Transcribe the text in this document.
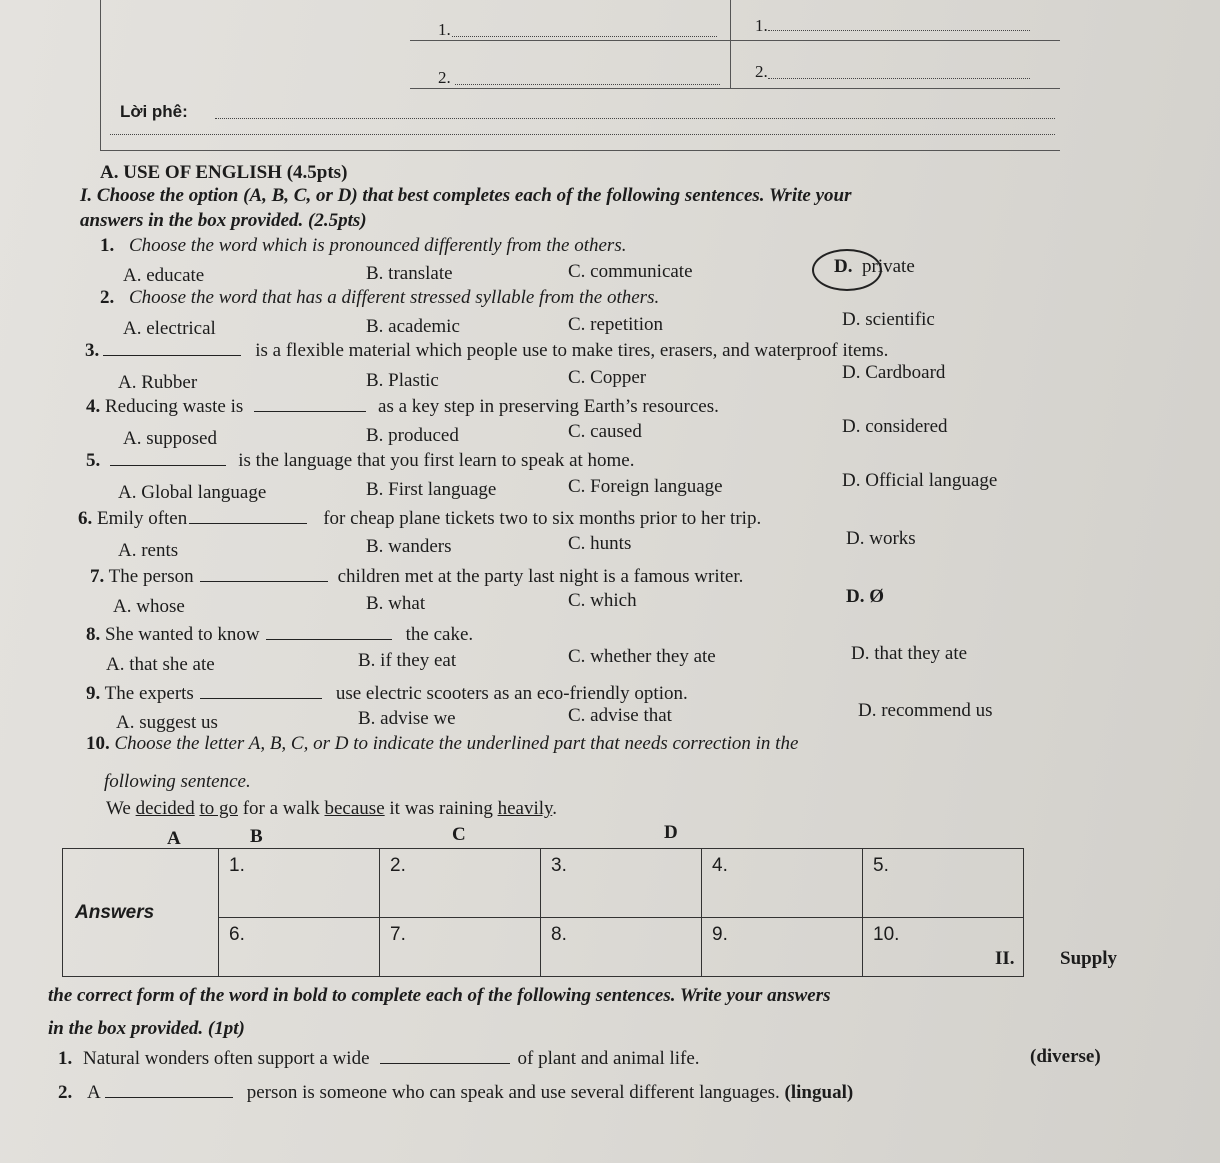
1.	1.
2.	2.
Lời phê:
A. USE OF ENGLISH (4.5pts)
I. Choose the option (A, B, C, or D) that best completes each of the following sentences. Write your
answers in the box provided. (2.5pts)
1. Choose the word which is pronounced differently from the others.
A. educate	B. translate	C. communicate	D. private
2. Choose the word that has a different stressed syllable from the others.
A. electrical	B. academic	C. repetition	D. scientific
3.	is a flexible material which people use to make tires, erasers, and waterproof items.
A. Rubber	B. Plastic	C. Copper	D. Cardboard
4. Reducing waste is	as a key step in preserving Earth’s resources.
A. supposed	B. produced	C. caused	D. considered
5.	is the language that you first learn to speak at home.
A. Global language	B. First language	C. Foreign language	D. Official language
6. Emily often	for cheap plane tickets two to six months prior to her trip.
A. rents	B. wanders	C. hunts	D. works
7. The person	children met at the party last night is a famous writer.
A. whose	B. what	C. which	D. Ø
8. She wanted to know	the cake.
A. that she ate	B. if they eat	C. whether they ate	D. that they ate
9. The experts	use electric scooters as an eco-friendly option.
A. suggest us	B. advise we	C. advise that	D. recommend us
10. Choose the letter A, B, C, or D to indicate the underlined part that needs correction in the
following sentence.
We decided to go for a walk because it was raining heavily.
A	B	C	D
Answers	1.	2.	3.	4.	5.
	6.	7.	8.	9.	10.
II. Supply
the correct form of the word in bold to complete each of the following sentences. Write your answers
in the box provided. (1pt)
1. Natural wonders often support a wide	of plant and animal life.	(diverse)
2. A	person is someone who can speak and use several different languages. (lingual)
